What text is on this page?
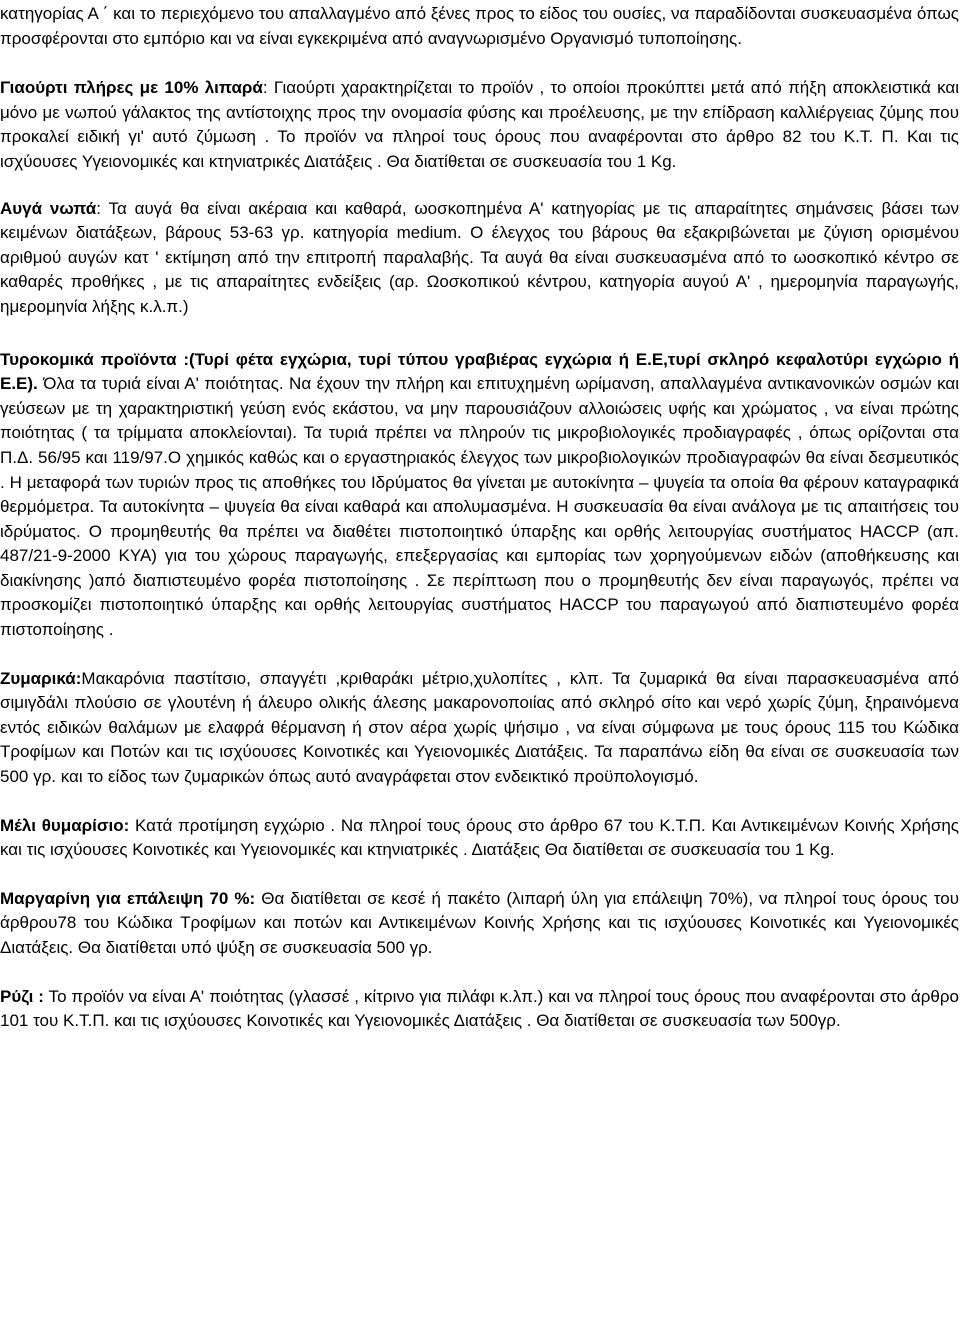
κατηγορίας Α ΄ και το περιεχόμενο του απαλλαγμένο από ξένες προς το είδος του ουσίες, να παραδίδονται συσκευασμένα όπως προσφέρονται στο εμπόριο και να είναι εγκεκριμένα από αναγνωρισμένο Οργανισμό τυποποίησης.

Γιαούρτι πλήρες με 10% λιπαρά: Γιαούρτι χαρακτηρίζεται το προϊόν , το οποίοι προκύπτει μετά από πήξη αποκλειστικά και μόνο με νωπού γάλακτος της αντίστοιχης προς την ονομασία φύσης και προέλευσης, με την επίδραση καλλιέργειας ζύμης που προκαλεί ειδική γι' αυτό ζύμωση . Το προϊόν να πληροί τους όρους που αναφέρονται στο άρθρο 82 του Κ.Τ. Π. Και τις ισχύουσες Υγειονομικές και κτηνιατρικές Διατάξεις . Θα διατίθεται σε συσκευασία του 1 Kg.

Αυγά νωπά: Τα αυγά θα είναι ακέραια και καθαρά, ωοσκοπημένα Α' κατηγορίας με τις απαραίτητες σημάνσεις βάσει των κειμένων διατάξεων, βάρους 53-63 γρ. κατηγορία medium. Ο έλεγχος του βάρους θα εξακριβώνεται με ζύγιση ορισμένου αριθμού αυγών κατ ' εκτίμηση από την επιτροπή παραλαβής. Τα αυγά θα είναι συσκευασμένα από το ωοσκοπικό κέντρο σε καθαρές προθήκες , με τις απαραίτητες ενδείξεις (αρ. Ωοσκοπικού κέντρου, κατηγορία αυγού Α' , ημερομηνία παραγωγής, ημερομηνία λήξης κ.λ.π.)

Τυροκομικά προϊόντα :(Τυρί φέτα εγχώρια, τυρί τύπου γραβιέρας εγχώρια ή Ε.Ε,τυρί σκληρό κεφαλοτύρι εγχώριο ή Ε.Ε). Όλα τα τυριά είναι Α' ποιότητας. Να έχουν την πλήρη και επιτυχημένη ωρίμανση, απαλλαγμένα αντικανονικών οσμών και γεύσεων με τη χαρακτηριστική γεύση ενός εκάστου, να μην παρουσιάζουν αλλοιώσεις υφής και χρώματος , να είναι πρώτης ποιότητας ( τα τρίμματα αποκλείονται). Τα τυριά πρέπει να πληρούν τις μικροβιολογικές προδιαγραφές , όπως ορίζονται στα Π.Δ. 56/95 και 119/97.Ο χημικός καθώς και ο εργαστηριακός έλεγχος των μικροβιολογικών προδιαγραφών θα είναι δεσμευτικός . Η μεταφορά των τυριών προς τις αποθήκες του Ιδρύματος θα γίνεται με αυτοκίνητα – ψυγεία τα οποία θα φέρουν καταγραφικά θερμόμετρα. Τα αυτοκίνητα – ψυγεία θα είναι καθαρά και απολυμασμένα. Η συσκευασία θα είναι ανάλογα με τις απαιτήσεις του ιδρύματος. Ο προμηθευτής θα πρέπει να διαθέτει πιστοποιητικό ύπαρξης και ορθής λειτουργίας συστήματος HACCP (απ. 487/21-9-2000 ΚΥΑ) για του χώρους παραγωγής, επεξεργασίας και εμπορίας των χορηγούμενων ειδών (αποθήκευσης και διακίνησης )από διαπιστευμένο φορέα πιστοποίησης . Σε περίπτωση που ο προμηθευτής δεν είναι παραγωγός, πρέπει να προσκομίζει πιστοποιητικό ύπαρξης και ορθής λειτουργίας συστήματος HACCP του παραγωγού από διαπιστευμένο φορέα πιστοποίησης .

Ζυμαρικά:Μακαρόνια παστίτσιο, σπαγγέτι ,κριθαράκι μέτριο,χυλοπίτες , κλπ. Τα ζυμαρικά θα είναι παρασκευασμένα από σιμιγδάλι πλούσιο σε γλουτένη ή άλευρο ολικής άλεσης μακαρονοποιίας από σκληρό σίτο και νερό χωρίς ζύμη, ξηραινόμενα εντός ειδικών θαλάμων με ελαφρά θέρμανση ή στον αέρα χωρίς ψήσιμο , να είναι σύμφωνα με τους όρους 115 του Κώδικα Τροφίμων και Ποτών και τις ισχύουσες Κοινοτικές και Υγειονομικές Διατάξεις. Τα παραπάνω είδη θα είναι σε συσκευασία των 500 γρ. και το είδος των ζυμαρικών όπως αυτό αναγράφεται στον ενδεικτικό προϋπολογισμό.

Μέλι θυμαρίσιο: Κατά προτίμηση εγχώριο . Να πληροί τους όρους στο άρθρο 67 του Κ.Τ.Π. Και Αντικειμένων Κοινής Χρήσης και τις ισχύουσες Κοινοτικές και Υγειονομικές και κτηνιατρικές . Διατάξεις Θα διατίθεται σε συσκευασία του 1 Kg.

Μαργαρίνη για επάλειψη 70 %: Θα διατίθεται σε κεσέ ή πακέτο (λιπαρή ύλη για επάλειψη 70%), να πληροί τους όρους του άρθρου78 του Κώδικα Τροφίμων και ποτών και Αντικειμένων Κοινής Χρήσης και τις ισχύουσες Κοινοτικές και Υγειονομικές Διατάξεις. Θα διατίθεται υπό ψύξη σε συσκευασία 500 γρ.

Ρύζι : Το προϊόν να είναι Α' ποιότητας (γλασσέ , κίτρινο για πιλάφι κ.λπ.) και να πληροί τους όρους που αναφέρονται στο άρθρο 101 του Κ.Τ.Π. και τις ισχύουσες Κοινοτικές και Υγειονομικές Διατάξεις . Θα διατίθεται σε συσκευασία των 500γρ.
